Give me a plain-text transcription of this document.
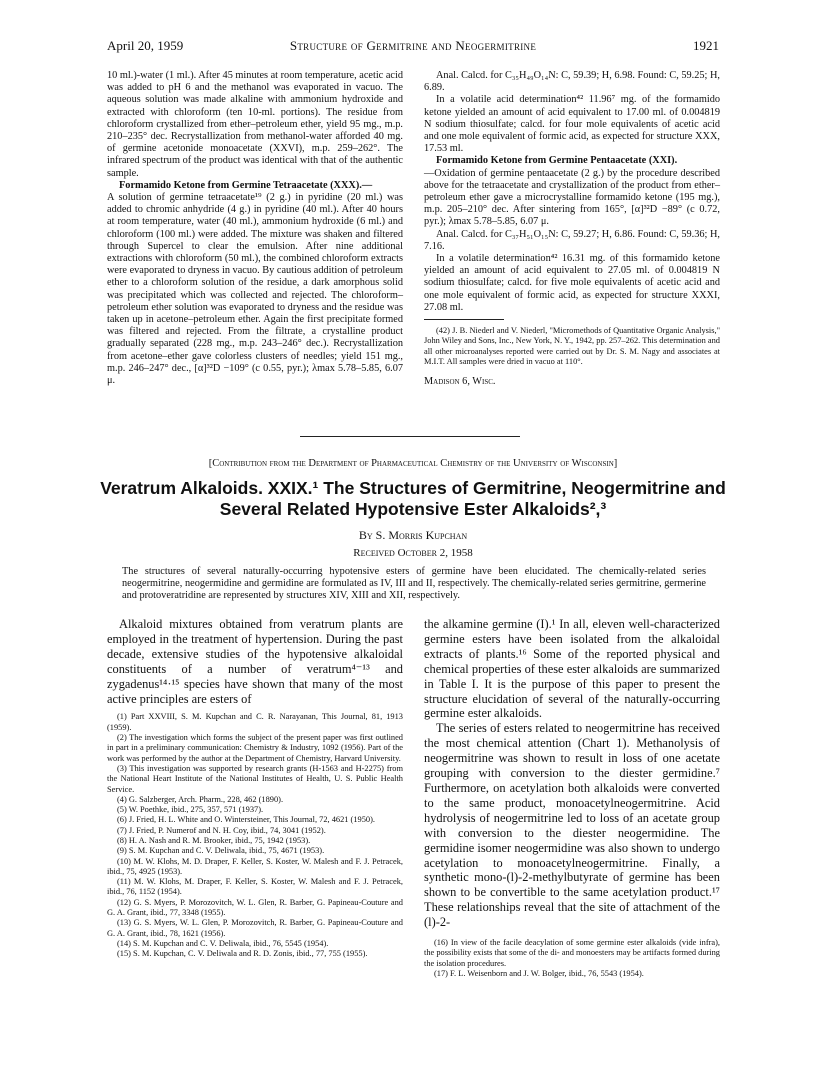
April 20, 1959	Structure of Germitrine and Neogermitrine	1921

10 ml.)-water (1 ml.). After 45 minutes at room temperature, acetic acid was added to pH 6 and the methanol was evaporated in vacuo. The aqueous solution was made alkaline with ammonium hydroxide and extracted with chloroform (ten 10-ml. portions). The residue from chloroform crystallized from ether–petroleum ether, yield 95 mg., m.p. 210–235° dec. Recrystallization from methanol-water afforded 40 mg. of germine acetonide monoacetate (XXVI), m.p. 259–262°. The infrared spectrum of the product was identical with that of the authentic sample.

Formamido Ketone from Germine Tetraacetate (XXX).—

A solution of germine tetraacetate¹⁹ (2 g.) in pyridine (20 ml.) was added to chromic anhydride (4 g.) in pyridine (40 ml.). After 40 hours at room temperature, water (40 ml.), ammonium hydroxide (6 ml.) and chloroform (100 ml.) were added. The mixture was shaken and filtered through Supercel to clear the emulsion. After nine additional extractions with chloroform (50 ml.), the combined chloroform extracts were evaporated to dryness in vacuo. By cautious addition of petroleum ether to a chloroform solution of the residue, a dark amorphous solid was precipitated which was collected and rejected. The chloroform–petroleum ether solution was evaporated to dryness and the residue was taken up in acetone–petroleum ether. Again the first precipitate formed was filtered and rejected. From the filtrate, a crystalline product gradually separated (228 mg., m.p. 243–246° dec.). Recrystallization from acetone–ether gave colorless clusters of needles; yield 151 mg., m.p. 246–247° dec., [α]³²D −109° (c 0.55, pyr.); λmax 5.78–5.85, 6.07 μ.

Anal. Calcd. for C₃₅H₄₉O₁₄N: C, 59.39; H, 6.98. Found: C, 59.25; H, 6.89.

In a volatile acid determination⁴² 11.96⁷ mg. of the formamido ketone yielded an amount of acid equivalent to 17.00 ml. of 0.004819 N sodium thiosulfate; calcd. for four mole equivalents of acetic acid and one mole equivalent of formic acid, as expected for structure XXX, 17.53 ml.

Formamido Ketone from Germine Pentaacetate (XXI).

—Oxidation of germine pentaacetate (2 g.) by the procedure described above for the tetraacetate and crystallization of the product from ether–petroleum ether gave a microcrystalline formamido ketone (195 mg.), m.p. 205–210° dec. After sintering from 165°, [α]³²D −89° (c 0.72, pyr.); λmax 5.78–5.85, 6.07 μ.

Anal. Calcd. for C₃₇H₅₁O₁₅N: C, 59.27; H, 6.86. Found: C, 59.36; H, 7.16.

In a volatile determination⁴² 16.31 mg. of this formamido ketone yielded an amount of acid equivalent to 27.05 ml. of 0.004819 N sodium thiosulfate; calcd. for five mole equivalents of acetic acid and one mole equivalent of formic acid, as expected for structure XXXI, 27.08 ml.

(42) J. B. Niederl and V. Niederl, "Micromethods of Quantitative Organic Analysis," John Wiley and Sons, Inc., New York, N. Y., 1942, pp. 257–262. This determination and all other microanalyses reported were carried out by Dr. S. M. Nagy and associates at M.I.T. All samples were dried in vacuo at 110°.

Madison 6, Wisc.
[Contribution from the Department of Pharmaceutical Chemistry of the University of Wisconsin]
Veratrum Alkaloids. XXIX.¹ The Structures of Germitrine, Neogermitrine and
Several Related Hypotensive Ester Alkaloids²,³
By S. Morris Kupchan
Received October 2, 1958
The structures of several naturally-occurring hypotensive esters of germine have been elucidated. The chemically-related series neogermitrine, neogermidine and germidine are formulated as IV, III and II, respectively. The chemically-related series germitrine, germerine and protoveratridine are represented by structures XIV, XIII and XII, respectively.

Alkaloid mixtures obtained from veratrum plants are employed in the treatment of hypertension. During the past decade, extensive studies of the hypotensive alkaloidal constituents of a number of veratrum⁴⁻¹³ and zygadenus¹⁴·¹⁵ species have shown that many of the most active principles are esters of

(1) Part XXVIII, S. M. Kupchan and C. R. Narayanan, This Journal, 81, 1913 (1959).

(2) The investigation which forms the subject of the present paper was first outlined in part in a preliminary communication: Chemistry & Industry, 1092 (1956). Part of the work was performed by the author at the Department of Chemistry, Harvard University.

(3) This investigation was supported by research grants (H-1563 and H-2275) from the National Heart Institute of the National Institutes of Health, U. S. Public Health Service.

(4) G. Salzberger, Arch. Pharm., 228, 462 (1890).

(5) W. Poethke, ibid., 275, 357, 571 (1937).

(6) J. Fried, H. L. White and O. Wintersteiner, This Journal, 72, 4621 (1950).

(7) J. Fried, P. Numerof and N. H. Coy, ibid., 74, 3041 (1952).

(8) H. A. Nash and R. M. Brooker, ibid., 75, 1942 (1953).

(9) S. M. Kupchan and C. V. Deliwala, ibid., 75, 4671 (1953).

(10) M. W. Klohs, M. D. Draper, F. Keller, S. Koster, W. Malesh and F. J. Petracek, ibid., 75, 4925 (1953).

(11) M. W. Klohs, M. Draper, F. Keller, S. Koster, W. Malesh and F. J. Petracek, ibid., 76, 1152 (1954).

(12) G. S. Myers, P. Morozovitch, W. L. Glen, R. Barber, G. Papineau-Couture and G. A. Grant, ibid., 77, 3348 (1955).

(13) G. S. Myers, W. L. Glen, P. Morozovitch, R. Barber, G. Papineau-Couture and G. A. Grant, ibid., 78, 1621 (1956).

(14) S. M. Kupchan and C. V. Deliwala, ibid., 76, 5545 (1954).

(15) S. M. Kupchan, C. V. Deliwala and R. D. Zonis, ibid., 77, 755 (1955).

the alkamine germine (I).¹ In all, eleven well-characterized germine esters have been isolated from the alkaloidal extracts of plants.¹⁶ Some of the reported physical and chemical properties of these ester alkaloids are summarized in Table I. It is the purpose of this paper to present the structure elucidation of several of the naturally-occurring germine ester alkaloids.

The series of esters related to neogermitrine has received the most chemical attention (Chart 1). Methanolysis of neogermitrine was shown to result in loss of one acetate grouping with conversion to the diester germidine.⁷ Furthermore, on acetylation both alkaloids were converted to the same product, monoacetylneogermitrine. Acid hydrolysis of neogermitrine led to loss of an acetate group with conversion to the diester neogermidine. The germidine isomer neogermidine was also shown to undergo acetylation to monoacetylneogermitrine. Finally, a synthetic mono-(l)-2-methylbutyrate of germine has been shown to be convertible to the same acetylation product.¹⁷ These relationships reveal that the site of attachment of the (l)-2-

(16) In view of the facile deacylation of some germine ester alkaloids (vide infra), the possibility exists that some of the di- and monoesters may be artifacts formed during the isolation procedures.

(17) F. L. Weisenborn and J. W. Bolger, ibid., 76, 5543 (1954).
